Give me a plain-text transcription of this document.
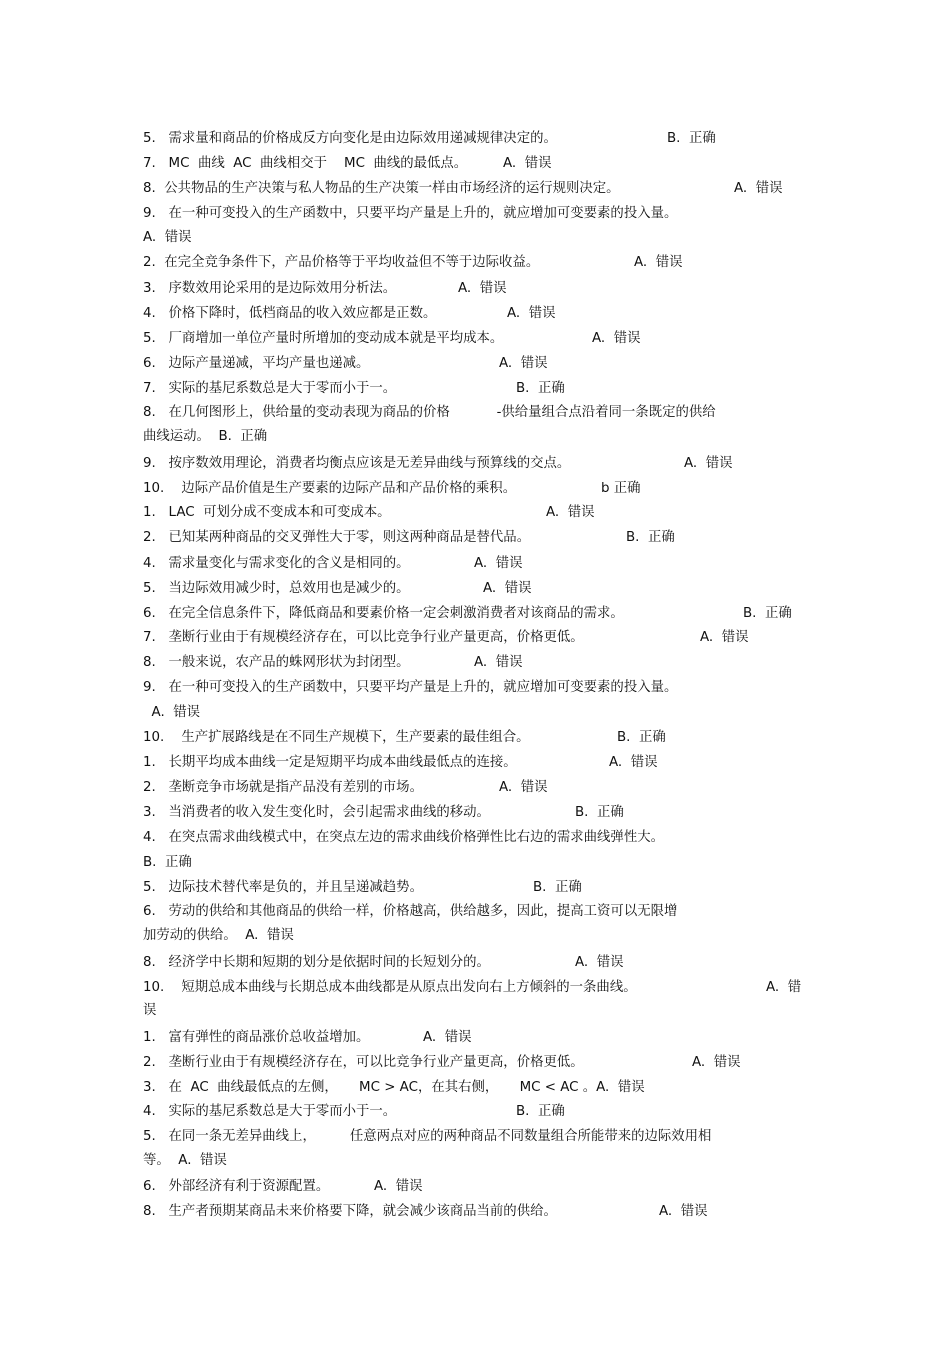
5.   需求量和商品的价格成反方向变化是由边际效用递减规律决定的。	B.  正确
7.   MC  曲线  AC  曲线相交于    MC  曲线的最低点。	A.  错误
8.  公共物品的生产决策与私人物品的生产决策一样由市场经济的运行规则决定。	A.  错误
9.   在一种可变投入的生产函数中，只要平均产量是上升的，就应增加可变要素的投入量。
A.  错误
2.  在完全竞争条件下，产品价格等于平均收益但不等于边际收益。	A.  错误
3.   序数效用论采用的是边际效用分析法。	A.  错误
4.   价格下降时，低档商品的收入效应都是正数。	A.  错误
5.   厂商增加一单位产量时所增加的变动成本就是平均成本。	A.  错误
6.   边际产量递减，平均产量也递减。	A.  错误
7.   实际的基尼系数总是大于零而小于一。	B.  正确
8.   在几何图形上，供给量的变动表现为商品的价格           -供给量组合点沿着同一条既定的供给
曲线运动。  B.  正确
9.   按序数效用理论，消费者均衡点应该是无差异曲线与预算线的交点。	A.  错误
10.    边际产品价值是生产要素的边际产品和产品价格的乘积。	b 正确
1.   LAC  可划分成不变成本和可变成本。	A.  错误
2.   已知某两种商品的交叉弹性大于零，则这两种商品是替代品。	B.  正确
4.   需求量变化与需求变化的含义是相同的。	A.  错误
5.   当边际效用减少时，总效用也是减少的。	A.  错误
6.   在完全信息条件下，降低商品和要素价格一定会刺激消费者对该商品的需求。	B.  正确
7.   垄断行业由于有规模经济存在，可以比竞争行业产量更高，价格更低。	A.  错误
8.   一般来说，农产品的蛛网形状为封闭型。	A.  错误
9.   在一种可变投入的生产函数中，只要平均产量是上升的，就应增加可变要素的投入量。
A.  错误
10.    生产扩展路线是在不同生产规模下，生产要素的最佳组合。	B.  正确
1.   长期平均成本曲线一定是短期平均成本曲线最低点的连接。	A.  错误
2.   垄断竞争市场就是指产品没有差别的市场。	A.  错误
3.   当消费者的收入发生变化时，会引起需求曲线的移动。	B.  正确
4.   在突点需求曲线模式中，在突点左边的需求曲线价格弹性比右边的需求曲线弹性大。
B.  正确
5.   边际技术替代率是负的，并且呈递减趋势。	B.  正确
6.   劳动的供给和其他商品的供给一样，价格越高，供给越多，因此，提高工资可以无限增
加劳动的供给。  A.  错误
8.   经济学中长期和短期的划分是依据时间的长短划分的。	A.  错误
10.    短期总成本曲线与长期总成本曲线都是从原点出发向右上方倾斜的一条曲线。	A.  错
误
1.   富有弹性的商品涨价总收益增加。	A.  错误
2.   垄断行业由于有规模经济存在，可以比竞争行业产量更高，价格更低。	A.  错误
3.   在  AC  曲线最低点的左侧，     MC > AC，在其右侧，     MC < AC 。A.  错误
4.   实际的基尼系数总是大于零而小于一。	B.  正确
5.   在同一条无差异曲线上，        任意两点对应的两种商品不同数量组合所能带来的边际效用相
等。  A.  错误
6.   外部经济有利于资源配置。	A.  错误
8.   生产者预期某商品未来价格要下降，就会减少该商品当前的供给。	A.  错误
